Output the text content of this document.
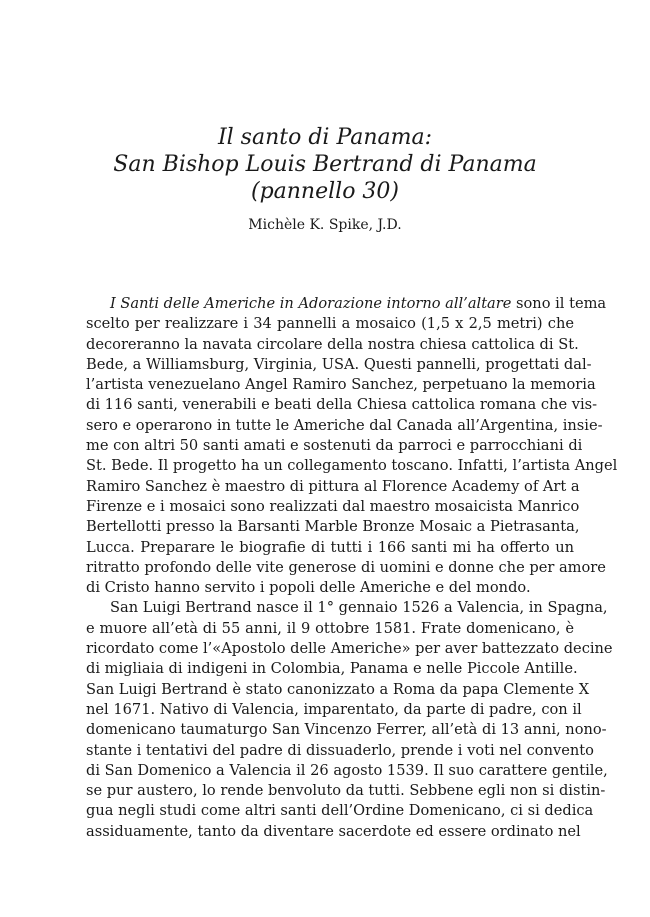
Il santo di Panama:
San Bishop Louis Bertrand di Panama
(pannello 30)
Michèle K. Spike, J.D.
I Santi delle Americhe in Adorazione intorno all’altare sono il tema
scelto per realizzare i 34 pannelli a mosaico (1,5 x 2,5 metri) che
decoreranno la navata circolare della nostra chiesa cattolica di St.
Bede, a Williamsburg, Virginia, USA. Questi pannelli, progettati dal-
l’artista venezuelano Angel Ramiro Sanchez, perpetuano la memoria
di 116 santi, venerabili e beati della Chiesa cattolica romana che vis-
sero e operarono in tutte le Americhe dal Canada all’Argentina, insie-
me con altri 50 santi amati e sostenuti da parroci e parrocchiani di
St. Bede. Il progetto ha un collegamento toscano. Infatti, l’artista Angel
Ramiro Sanchez è maestro di pittura al Florence Academy of Art a
Firenze e i mosaici sono realizzati dal maestro mosaicista Manrico
Bertellotti presso la Barsanti Marble Bronze Mosaic a Pietrasanta,
Lucca. Preparare le biografie di tutti i 166 santi mi ha offerto un
ritratto profondo delle vite generose di uomini e donne che per amore
di Cristo hanno servito i popoli delle Americhe e del mondo.
San Luigi Bertrand nasce il 1° gennaio 1526 a Valencia, in Spagna,
e muore all’età di 55 anni, il 9 ottobre 1581. Frate domenicano, è
ricordato come l’«Apostolo delle Americhe» per aver battezzato decine
di migliaia di indigeni in Colombia, Panama e nelle Piccole Antille.
San Luigi Bertrand è stato canonizzato a Roma da papa Clemente X
nel 1671. Nativo di Valencia, imparentato, da parte di padre, con il
domenicano taumaturgo San Vincenzo Ferrer, all’età di 13 anni, nono-
stante i tentativi del padre di dissuaderlo, prende i voti nel convento
di San Domenico a Valencia il 26 agosto 1539. Il suo carattere gentile,
se pur austero, lo rende benvoluto da tutti. Sebbene egli non si distin-
gua negli studi come altri santi dell’Ordine Domenicano, ci si dedica
assiduamente, tanto da diventare sacerdote ed essere ordinato nel
